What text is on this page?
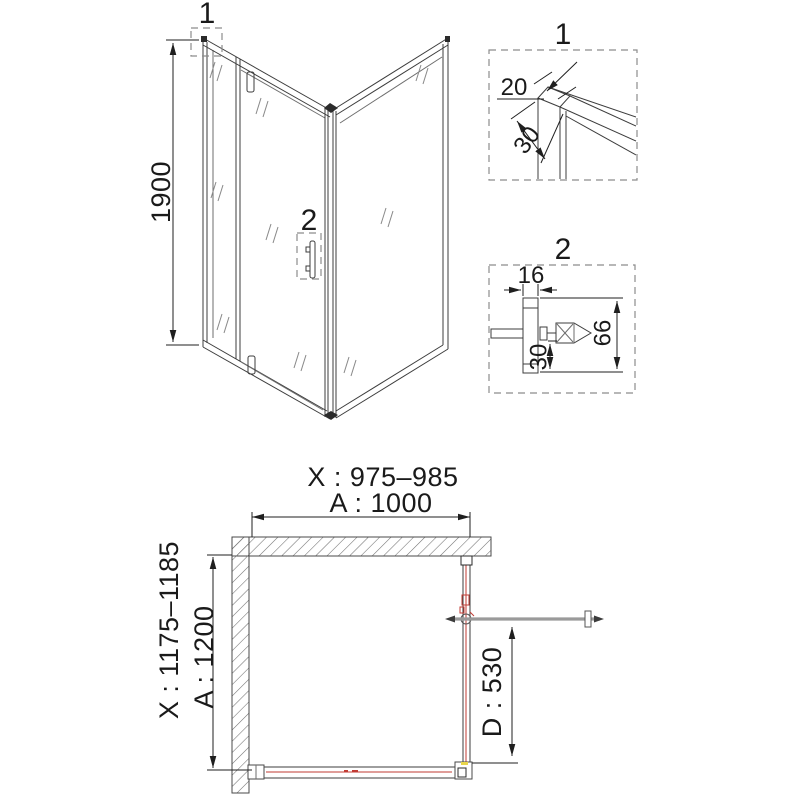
1
2
1900
1
20
30
2
16
30
66
X : 975–985
A : 1000
X : 1175–1185 A : 1200	D : 530
